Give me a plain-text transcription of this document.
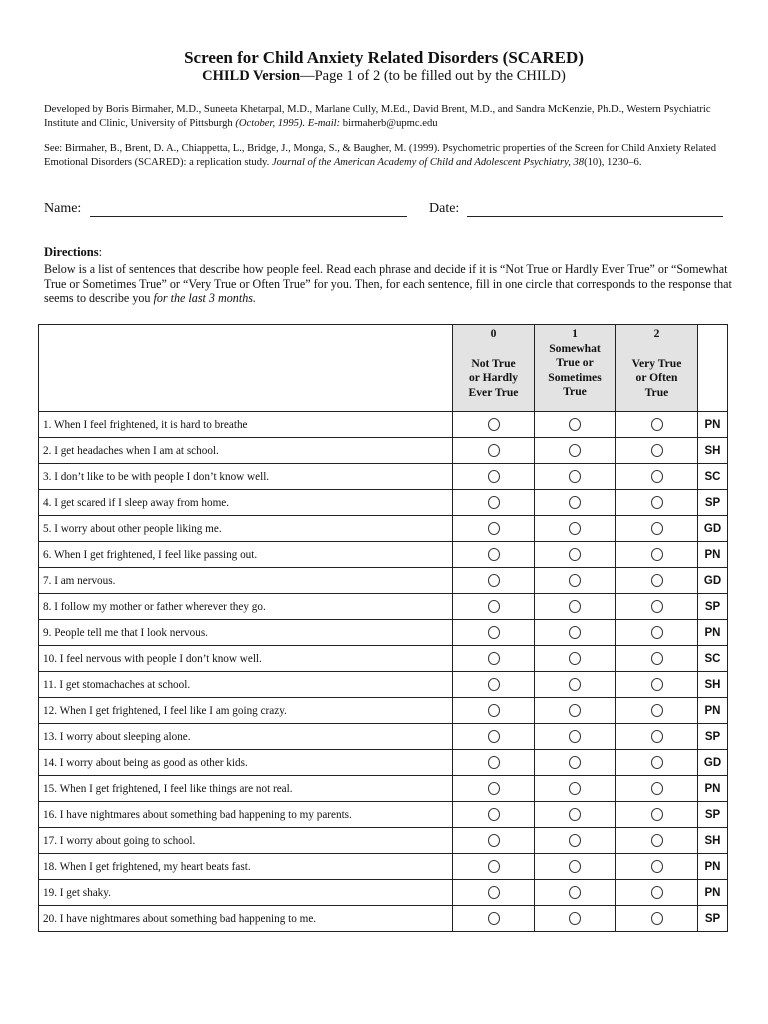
Screen for Child Anxiety Related Disorders (SCARED)
CHILD Version—Page 1 of 2 (to be filled out by the CHILD)
Developed by Boris Birmaher, M.D., Suneeta Khetarpal, M.D., Marlane Cully, M.Ed., David Brent, M.D., and Sandra McKenzie, Ph.D., Western Psychiatric Institute and Clinic, University of Pittsburgh (October, 1995). E-mail: birmaherb@upmc.edu
See: Birmaher, B., Brent, D. A., Chiappetta, L., Bridge, J., Monga, S., & Baugher, M. (1999). Psychometric properties of the Screen for Child Anxiety Related Emotional Disorders (SCARED): a replication study. Journal of the American Academy of Child and Adolescent Psychiatry, 38(10), 1230–6.
Name:	Date:
Directions:
Below is a list of sentences that describe how people feel. Read each phrase and decide if it is “Not True or Hardly Ever True” or “Somewhat True or Sometimes True” or “Very True or Often True” for you. Then, for each sentence, fill in one circle that corresponds to the response that seems to describe you for the last 3 months.

	0
Not True
or Hardly
Ever True	1
Somewhat
True or
Sometimes
True	2
Very True
or Often
True	

1. When I feel frightened, it is hard to breathe				PN
2. I get headaches when I am at school.				SH
3. I don’t like to be with people I don’t know well.				SC
4. I get scared if I sleep away from home.				SP
5. I worry about other people liking me.				GD
6. When I get frightened, I feel like passing out.				PN
7. I am nervous.				GD
8. I follow my mother or father wherever they go.				SP
9. People tell me that I look nervous.				PN
10. I feel nervous with people I don’t know well.				SC
11. I get stomachaches at school.				SH
12. When I get frightened, I feel like I am going crazy.				PN
13. I worry about sleeping alone.				SP
14. I worry about being as good as other kids.				GD
15. When I get frightened, I feel like things are not real.				PN
16. I have nightmares about something bad happening to my parents.				SP
17. I worry about going to school.				SH
18. When I get frightened, my heart beats fast.				PN
19. I get shaky.				PN
20. I have nightmares about something bad happening to me.				SP
